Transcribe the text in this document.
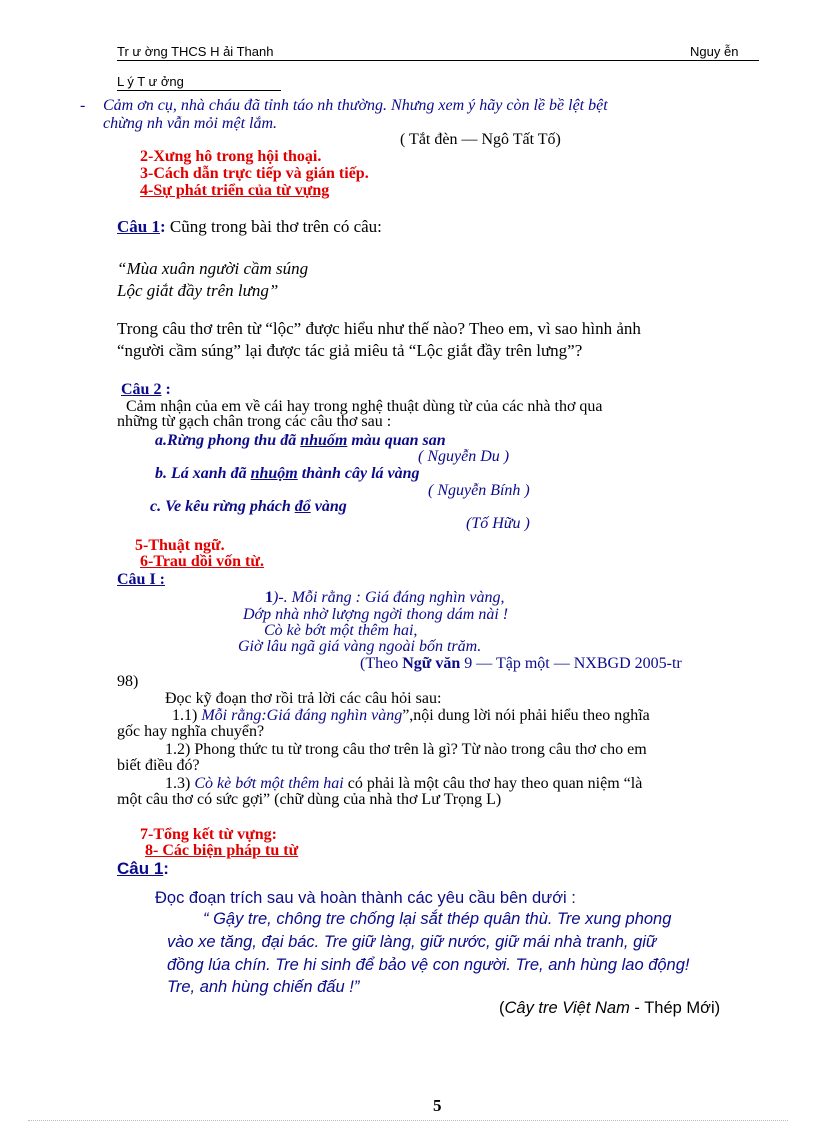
Tr ư ờng THCS H ải Thanh	Nguy ễn
L ý T ư ởng
- Cảm ơn cụ, nhà cháu đã tỉnh táo nh thường. Nhưng xem ý hãy còn lề bề lệt bệt
chừng nh vẫn mỏi mệt lắm.
( Tắt đèn — Ngô Tất Tố)
2-Xưng hô trong hội thoại.
3-Cách dẫn trực tiếp và gián tiếp.
4-Sự phát triển của từ vựng
Câu 1: Cũng trong bài thơ trên có câu:
“Mùa xuân người cầm súng
Lộc giắt đầy trên lưng”
Trong câu thơ trên từ “lộc” được hiểu như thế nào? Theo em, vì sao hình ảnh
“người cầm súng” lại được tác giả miêu tả “Lộc giắt đầy trên lưng”?
Câu 2 :
Cảm nhận của em về cái hay trong nghệ thuật dùng từ của các nhà thơ qua
những từ gạch chân trong các câu thơ sau :
a.Rừng phong thu đã nhuốm màu quan san
( Nguyễn Du )
b. Lá xanh đã nhuộm thành cây lá vàng
( Nguyễn Bính )
c. Ve kêu rừng phách đổ vàng
(Tố Hữu )
5-Thuật ngữ.
6-Trau dồi vốn từ.
Câu I :
1)-. Mỗi rằng : Giá đáng nghìn vàng,
Dớp nhà nhờ lượng ngời thong dám nài !
Cò kè bớt một thêm hai,
Giờ lâu ngã giá vàng ngoài bốn trăm.
(Theo Ngữ văn 9 — Tập một — NXBGD 2005-tr
98)
Đọc kỹ đoạn thơ rồi trả lời các câu hỏi sau:
1.1) Mỗi rằng:Giá đáng nghìn vàng”,nội dung lời nói phải hiểu theo nghĩa
gốc hay nghĩa chuyển?
1.2) Phong thức tu từ trong câu thơ trên là gì? Từ nào trong câu thơ cho em
biết điều đó?
1.3) Cò kè bớt một thêm hai có phải là một câu thơ hay theo quan niệm “là
một câu thơ có sức gợi” (chữ dùng của nhà thơ Lư Trọng L)
7-Tổng kết từ vựng:
8- Các biện pháp tu từ
Câu 1:
Đọc đoạn trích sau và hoàn thành các yêu cầu bên dưới :
“ Gậy tre, chông tre chống lại sắt thép quân thù. Tre xung phong
vào xe tăng, đại bác. Tre giữ làng, giữ nước, giữ mái nhà tranh, giữ
đồng lúa chín. Tre hi sinh để bảo vệ con người. Tre, anh hùng lao động!
Tre, anh hùng chiến đấu !”
(Cây tre Việt Nam - Thép Mới)
5
